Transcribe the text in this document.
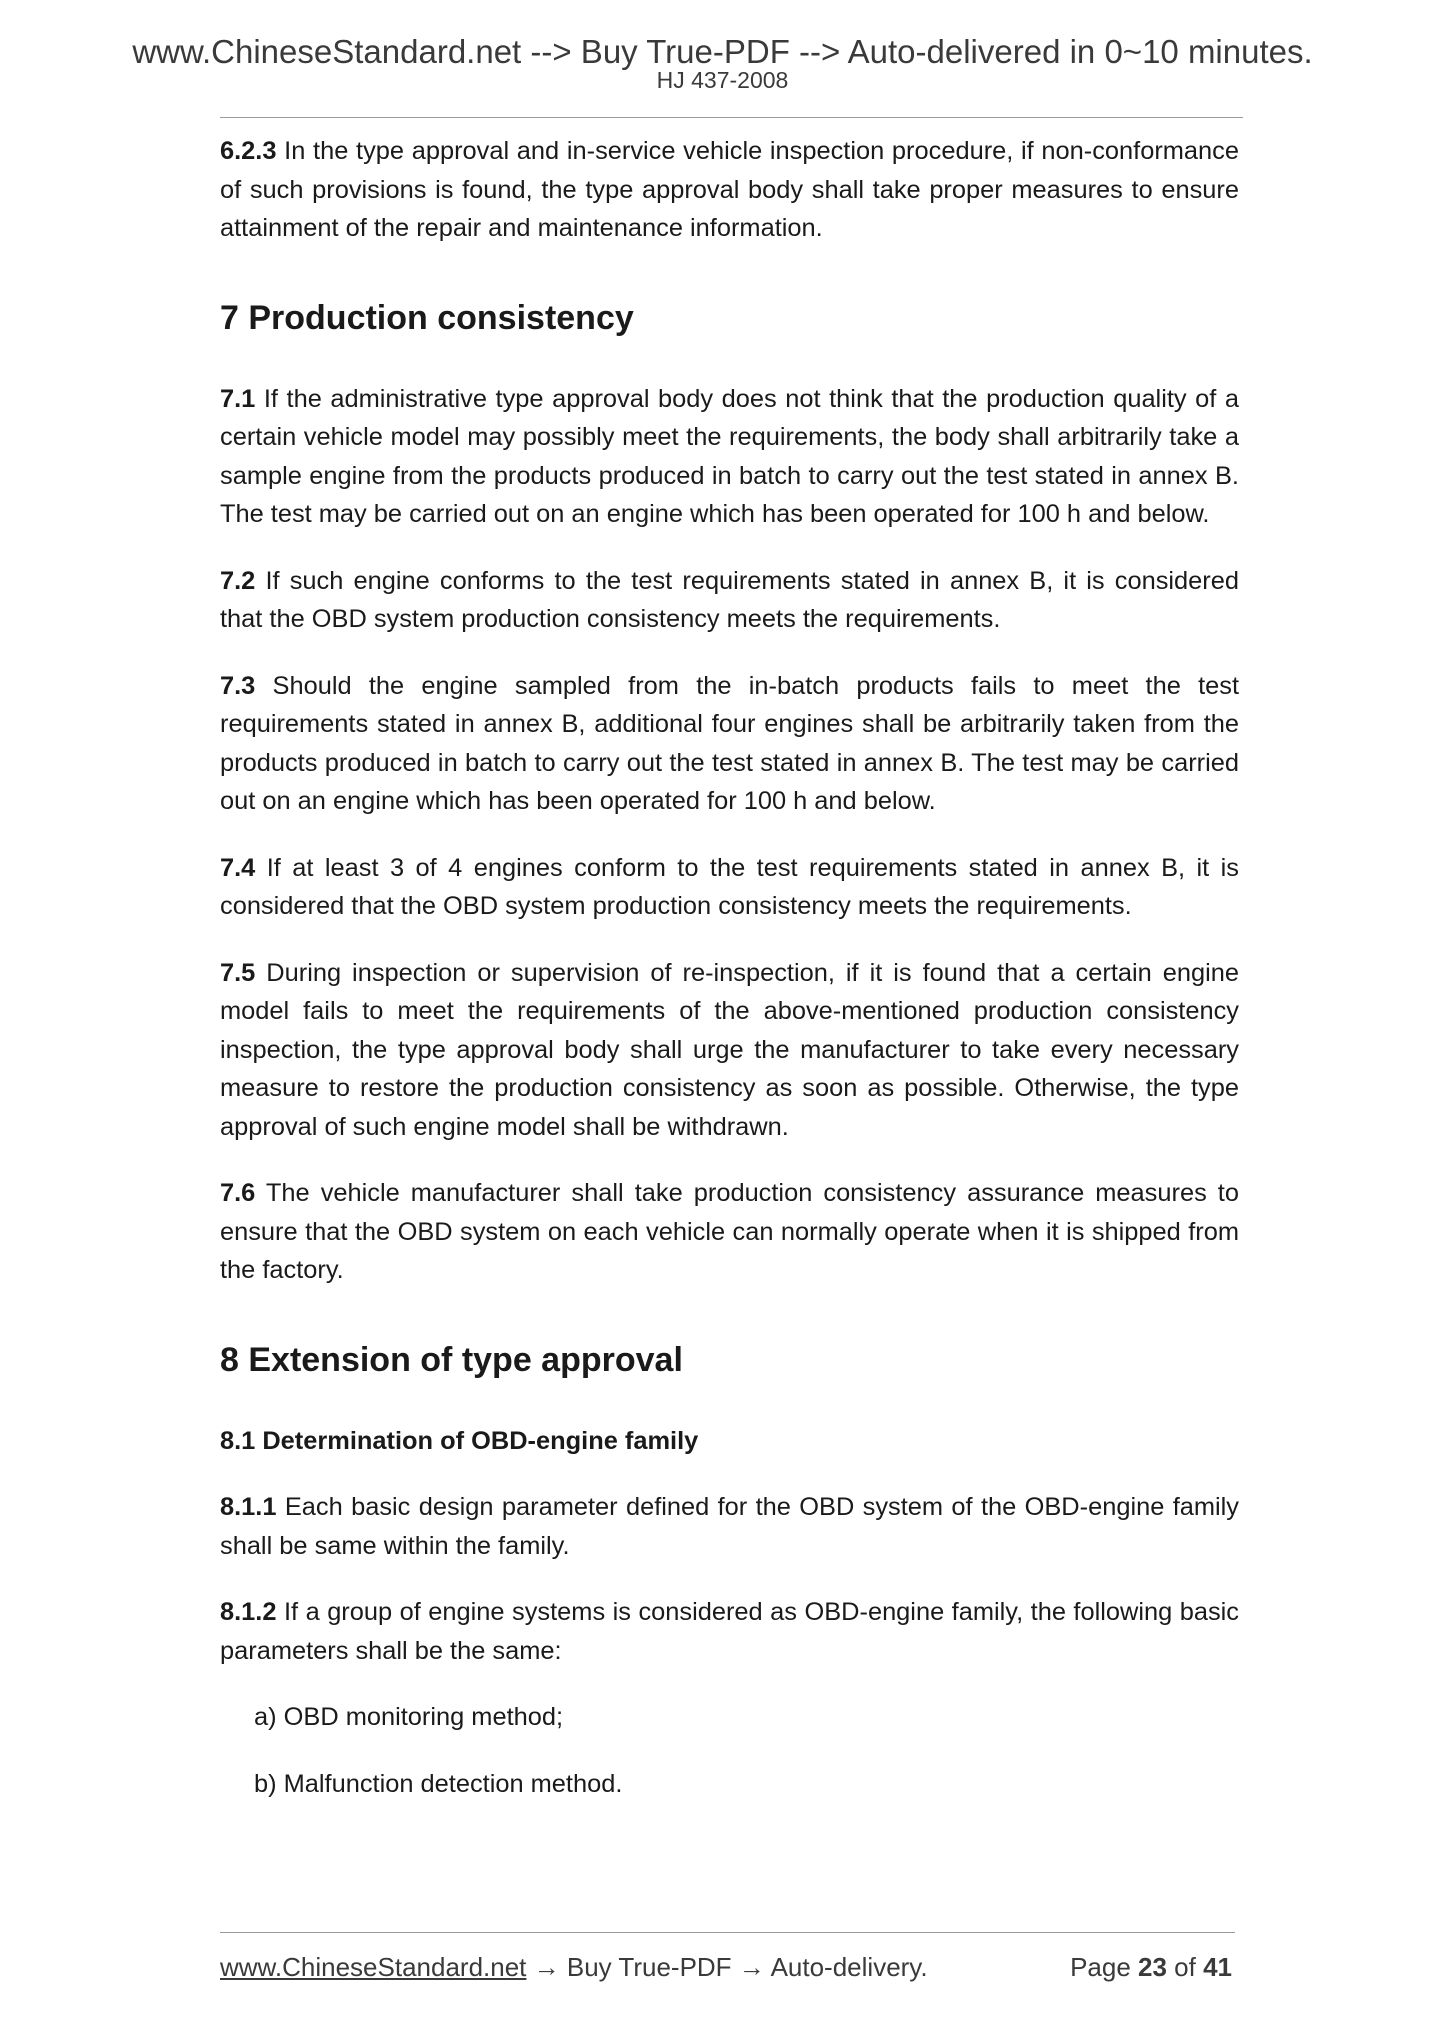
www.ChineseStandard.net --> Buy True-PDF --> Auto-delivered in 0~10 minutes.
HJ 437-2008

6.2.3 In the type approval and in-service vehicle inspection procedure, if non-conformance of such provisions is found, the type approval body shall take proper measures to ensure attainment of the repair and maintenance information.

7 Production consistency

7.1 If the administrative type approval body does not think that the production quality of a certain vehicle model may possibly meet the requirements, the body shall arbitrarily take a sample engine from the products produced in batch to carry out the test stated in annex B. The test may be carried out on an engine which has been operated for 100 h and below.

7.2 If such engine conforms to the test requirements stated in annex B, it is considered that the OBD system production consistency meets the requirements.

7.3 Should the engine sampled from the in-batch products fails to meet the test requirements stated in annex B, additional four engines shall be arbitrarily taken from the products produced in batch to carry out the test stated in annex B. The test may be carried out on an engine which has been operated for 100 h and below.

7.4 If at least 3 of 4 engines conform to the test requirements stated in annex B, it is considered that the OBD system production consistency meets the requirements.

7.5 During inspection or supervision of re-inspection, if it is found that a certain engine model fails to meet the requirements of the above-mentioned production consistency inspection, the type approval body shall urge the manufacturer to take every necessary measure to restore the production consistency as soon as possible. Otherwise, the type approval of such engine model shall be withdrawn.

7.6 The vehicle manufacturer shall take production consistency assurance measures to ensure that the OBD system on each vehicle can normally operate when it is shipped from the factory.

8 Extension of type approval
8.1 Determination of OBD-engine family

8.1.1 Each basic design parameter defined for the OBD system of the OBD-engine family shall be same within the family.

8.1.2 If a group of engine systems is considered as OBD-engine family, the following basic parameters shall be the same:

a) OBD monitoring method;

b) Malfunction detection method.

www.ChineseStandard.net → Buy True-PDF → Auto-delivery.	Page 23 of 41
